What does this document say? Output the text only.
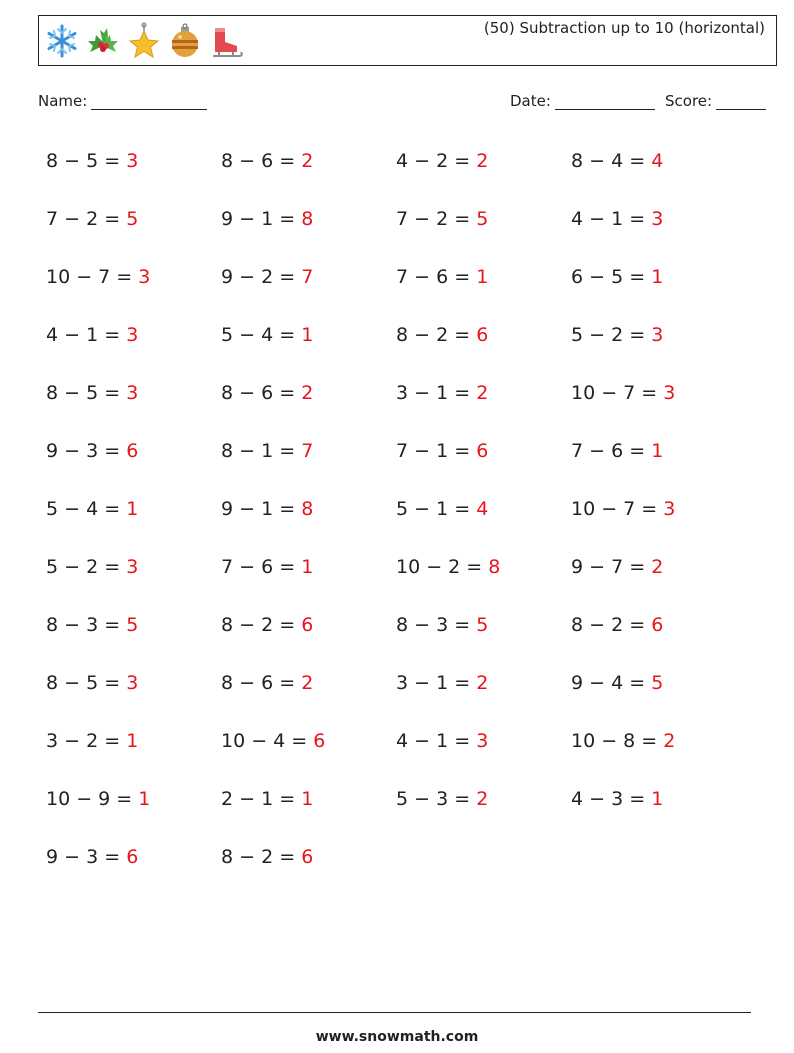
(50) Subtraction up to 10 (horizontal)
Name:	Date:	Score:
8 − 5 = 3	8 − 6 = 2	4 − 2 = 2	8 − 4 = 4
7 − 2 = 5	9 − 1 = 8	7 − 2 = 5	4 − 1 = 3
10 − 7 = 3	9 − 2 = 7	7 − 6 = 1	6 − 5 = 1
4 − 1 = 3	5 − 4 = 1	8 − 2 = 6	5 − 2 = 3
8 − 5 = 3	8 − 6 = 2	3 − 1 = 2	10 − 7 = 3
9 − 3 = 6	8 − 1 = 7	7 − 1 = 6	7 − 6 = 1
5 − 4 = 1	9 − 1 = 8	5 − 1 = 4	10 − 7 = 3
5 − 2 = 3	7 − 6 = 1	10 − 2 = 8	9 − 7 = 2
8 − 3 = 5	8 − 2 = 6	8 − 3 = 5	8 − 2 = 6
8 − 5 = 3	8 − 6 = 2	3 − 1 = 2	9 − 4 = 5
3 − 2 = 1	10 − 4 = 6	4 − 1 = 3	10 − 8 = 2
10 − 9 = 1	2 − 1 = 1	5 − 3 = 2	4 − 3 = 1
9 − 3 = 6	8 − 2 = 6
www.snowmath.com
